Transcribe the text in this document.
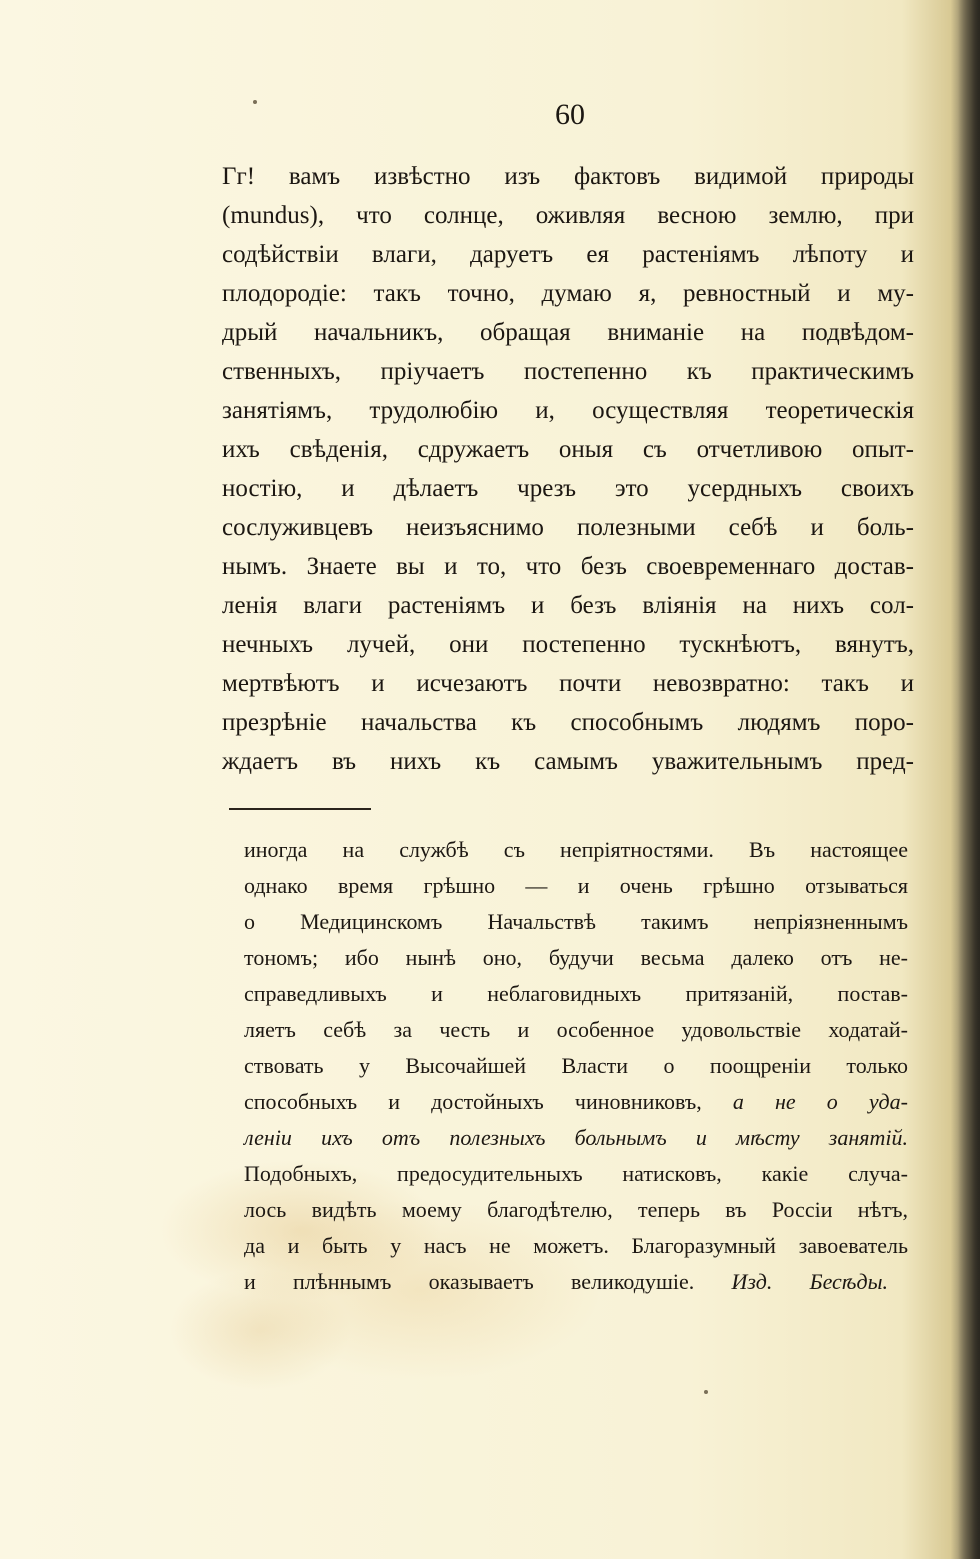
60
Гг! вамъ извѣстно изъ фактовъ видимой природы
(mundus), что солнце, оживляя весною землю, при
содѣйствіи влаги, даруетъ ея растеніямъ лѣпоту и
плодородіе: такъ точно, думаю я, ревностный и му-
дрый начальникъ, обращая вниманіе на подвѣдом-
ственныхъ, пріучаетъ постепенно къ практическимъ
занятіямъ, трудолюбію и, осуществляя теоретическія
ихъ свѣденія, сдружаетъ оныя съ отчетливою опыт-
ностію, и дѣлаетъ чрезъ это усердныхъ своихъ
сослуживцевъ неизъяснимо полезными себѣ и боль-
нымъ. Знаете вы и то, что безъ своевременнаго достав-
ленія влаги растеніямъ и безъ вліянія на нихъ сол-
нечныхъ лучей, они постепенно тускнѣютъ, вянутъ,
мертвѣютъ и исчезаютъ почти невозвратно: такъ и
презрѣніе начальства къ способнымъ людямъ поро-
ждаетъ въ нихъ къ самымъ уважительнымъ пред-
иногда на службѣ съ непріятностями. Въ настоящее
однако время грѣшно — и очень грѣшно отзываться
о Медицинскомъ Начальствѣ такимъ непріязненнымъ
тономъ; ибо нынѣ оно, будучи весьма далеко отъ не-
справедливыхъ и неблаговидныхъ притязаній, постав-
ляетъ себѣ за честь и особенное удовольствіе ходатай-
ствовать у Высочайшей Власти о поощреніи только
способныхъ и достойныхъ чиновниковъ, а не о уда-
леніи ихъ отъ полезныхъ больнымъ и мѣсту занятій.
Подобныхъ, предосудительныхъ натисковъ, какіе случа-
лось видѣть моему благодѣтелю, теперь въ Россіи нѣтъ,
да и быть у насъ не можетъ. Благоразумный завоеватель
и плѣннымъ оказываетъ великодушіе. Изд. Бесѣды.
